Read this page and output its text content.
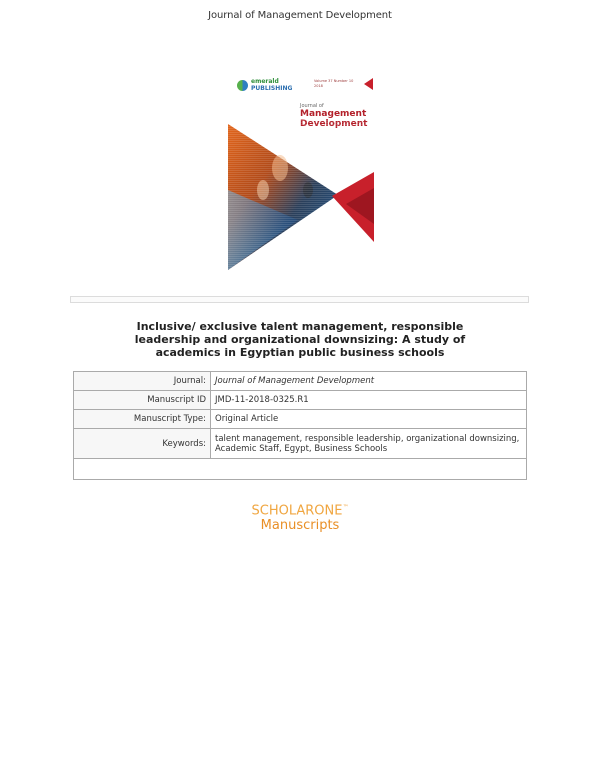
Journal of Management Development
emerald
PUBLISHING
Volume 37 Number 10 2018
Journal of
Management
Inclusive/ exclusive talent management, responsible
leadership and organizational downsizing: A study of
academics in Egyptian public business schools
Journal:	Journal of Management Development
Manuscript ID	JMD-11-2018-0325.R1
Manuscript Type:	Original Article
Keywords:	talent management, responsible leadership, organizational downsizing,
Academic Staff, Egypt, Business Schools

SCHOLARONE™
Manuscripts
